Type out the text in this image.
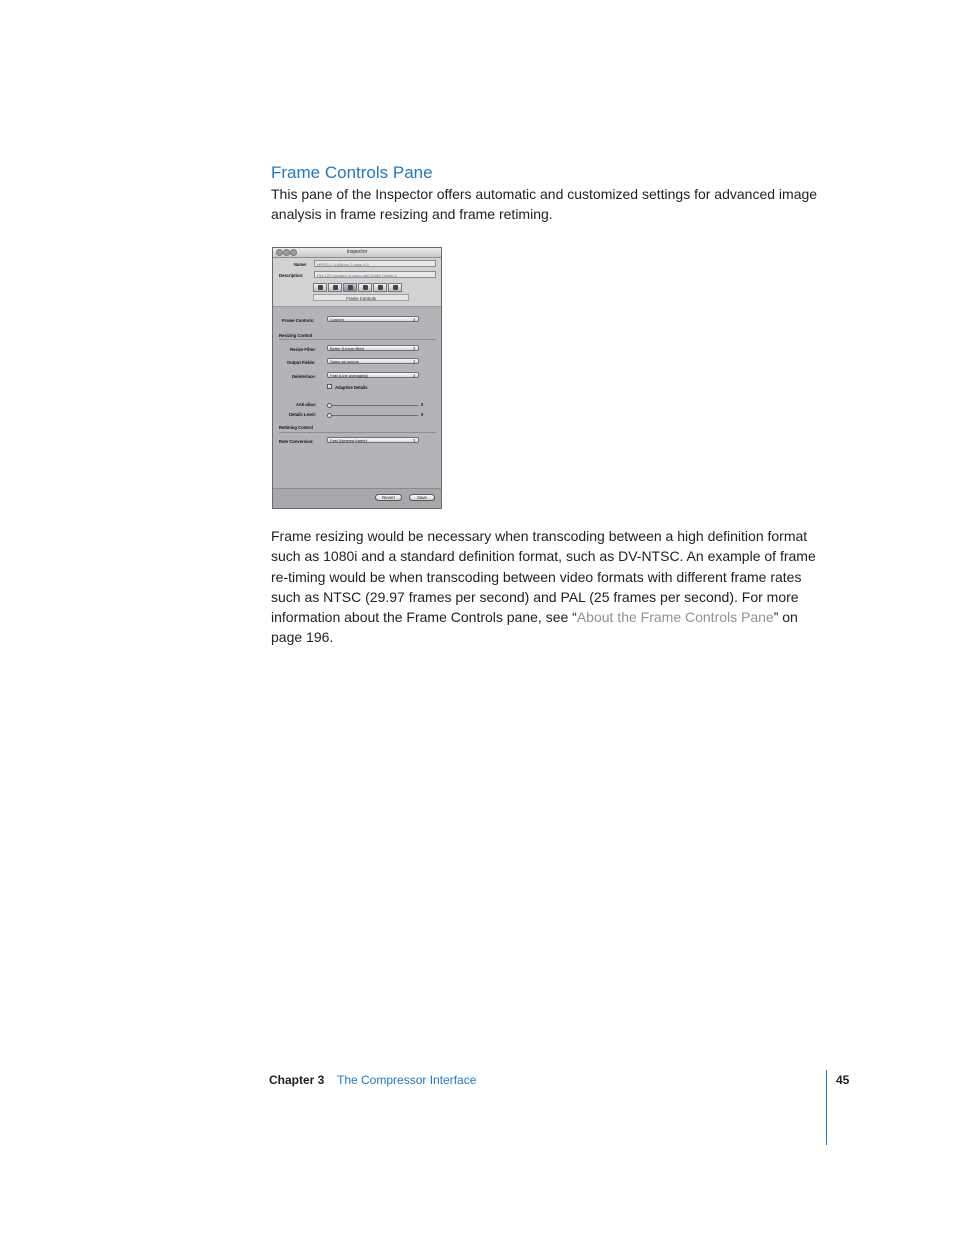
Frame Controls Pane

This pane of the Inspector offers automatic and customized settings for advanced image analysis in frame resizing and frame retiming.

Inspector
Name:	MPEG-2 5.8Mbps 2-pass 4:3
Description:	Fits 120 minutes of video with Dolby Digital a
Frame Controls
Frame Controls:	Custom	⇕
Resizing Control
Resize Filter:	Better (Linear filter)	⇕
Output Fields:	Same as source	⇕
Deinterlace:	Fast (Line averaging)	⇕
✓ Adaptive Details
Anti-alias:	0
Details Level:	0
Retiming Control
Rate Conversion:	Fast (Nearest frame)	⇕
Revert	Save

Frame resizing would be necessary when transcoding between a high definition format such as 1080i and a standard definition format, such as DV-NTSC. An example of frame re-timing would be when transcoding between video formats with different frame rates such as NTSC (29.97 frames per second) and PAL (25 frames per second). For more information about the Frame Controls pane, see “About the Frame Controls Pane” on page 196.

Chapter 3 The Compressor Interface	45
